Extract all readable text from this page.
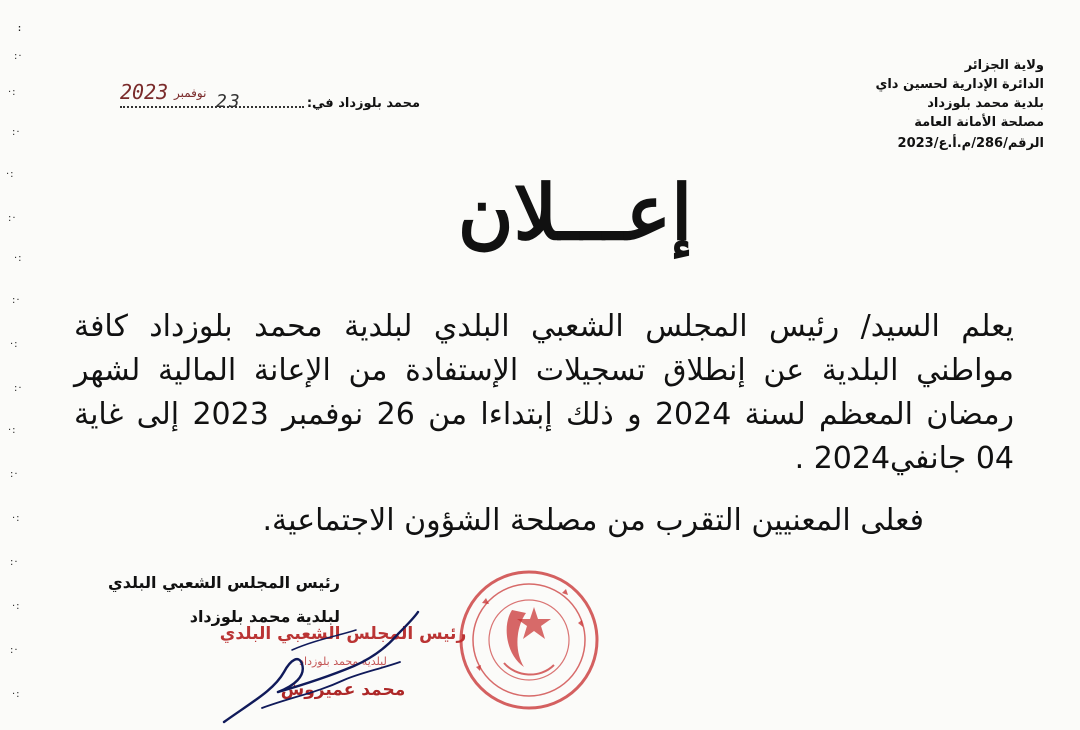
ꓽ
:·
·:
:·
·:
:·
·:
:·
·:
:·
·:
:·
·:
:·
·:
:·
·:
ولاية الجزائر
الدائرة الإدارية لحسين داي
بلدية محمد بلوزداد
مصلحة الأمانة العامة
الرقم/286/م.أ.ع/2023
محمد بلوزداد في:
2023 نوفمبر 23
إعـــلان

يعلم السيد/ رئيس المجلس الشعبي البلدي لبلدية محمد بلوزداد كافة مواطني البلدية عن إنطلاق تسجيلات الإستفادة من الإعانة المالية لشهر رمضان المعظم لسنة 2024 و ذلك إبتداءا من 26 نوفمبر 2023 إلى غاية 04 جانفي2024 .

فعلى المعنيين التقرب من مصلحة الشؤون الاجتماعية.

رئيس المجلس الشعبي البلدي
لبلدية محمد بلوزداد
رئيس المجلس الشعبي البلدي
لبلدية محمد بلوزداد
محمد عميروش
